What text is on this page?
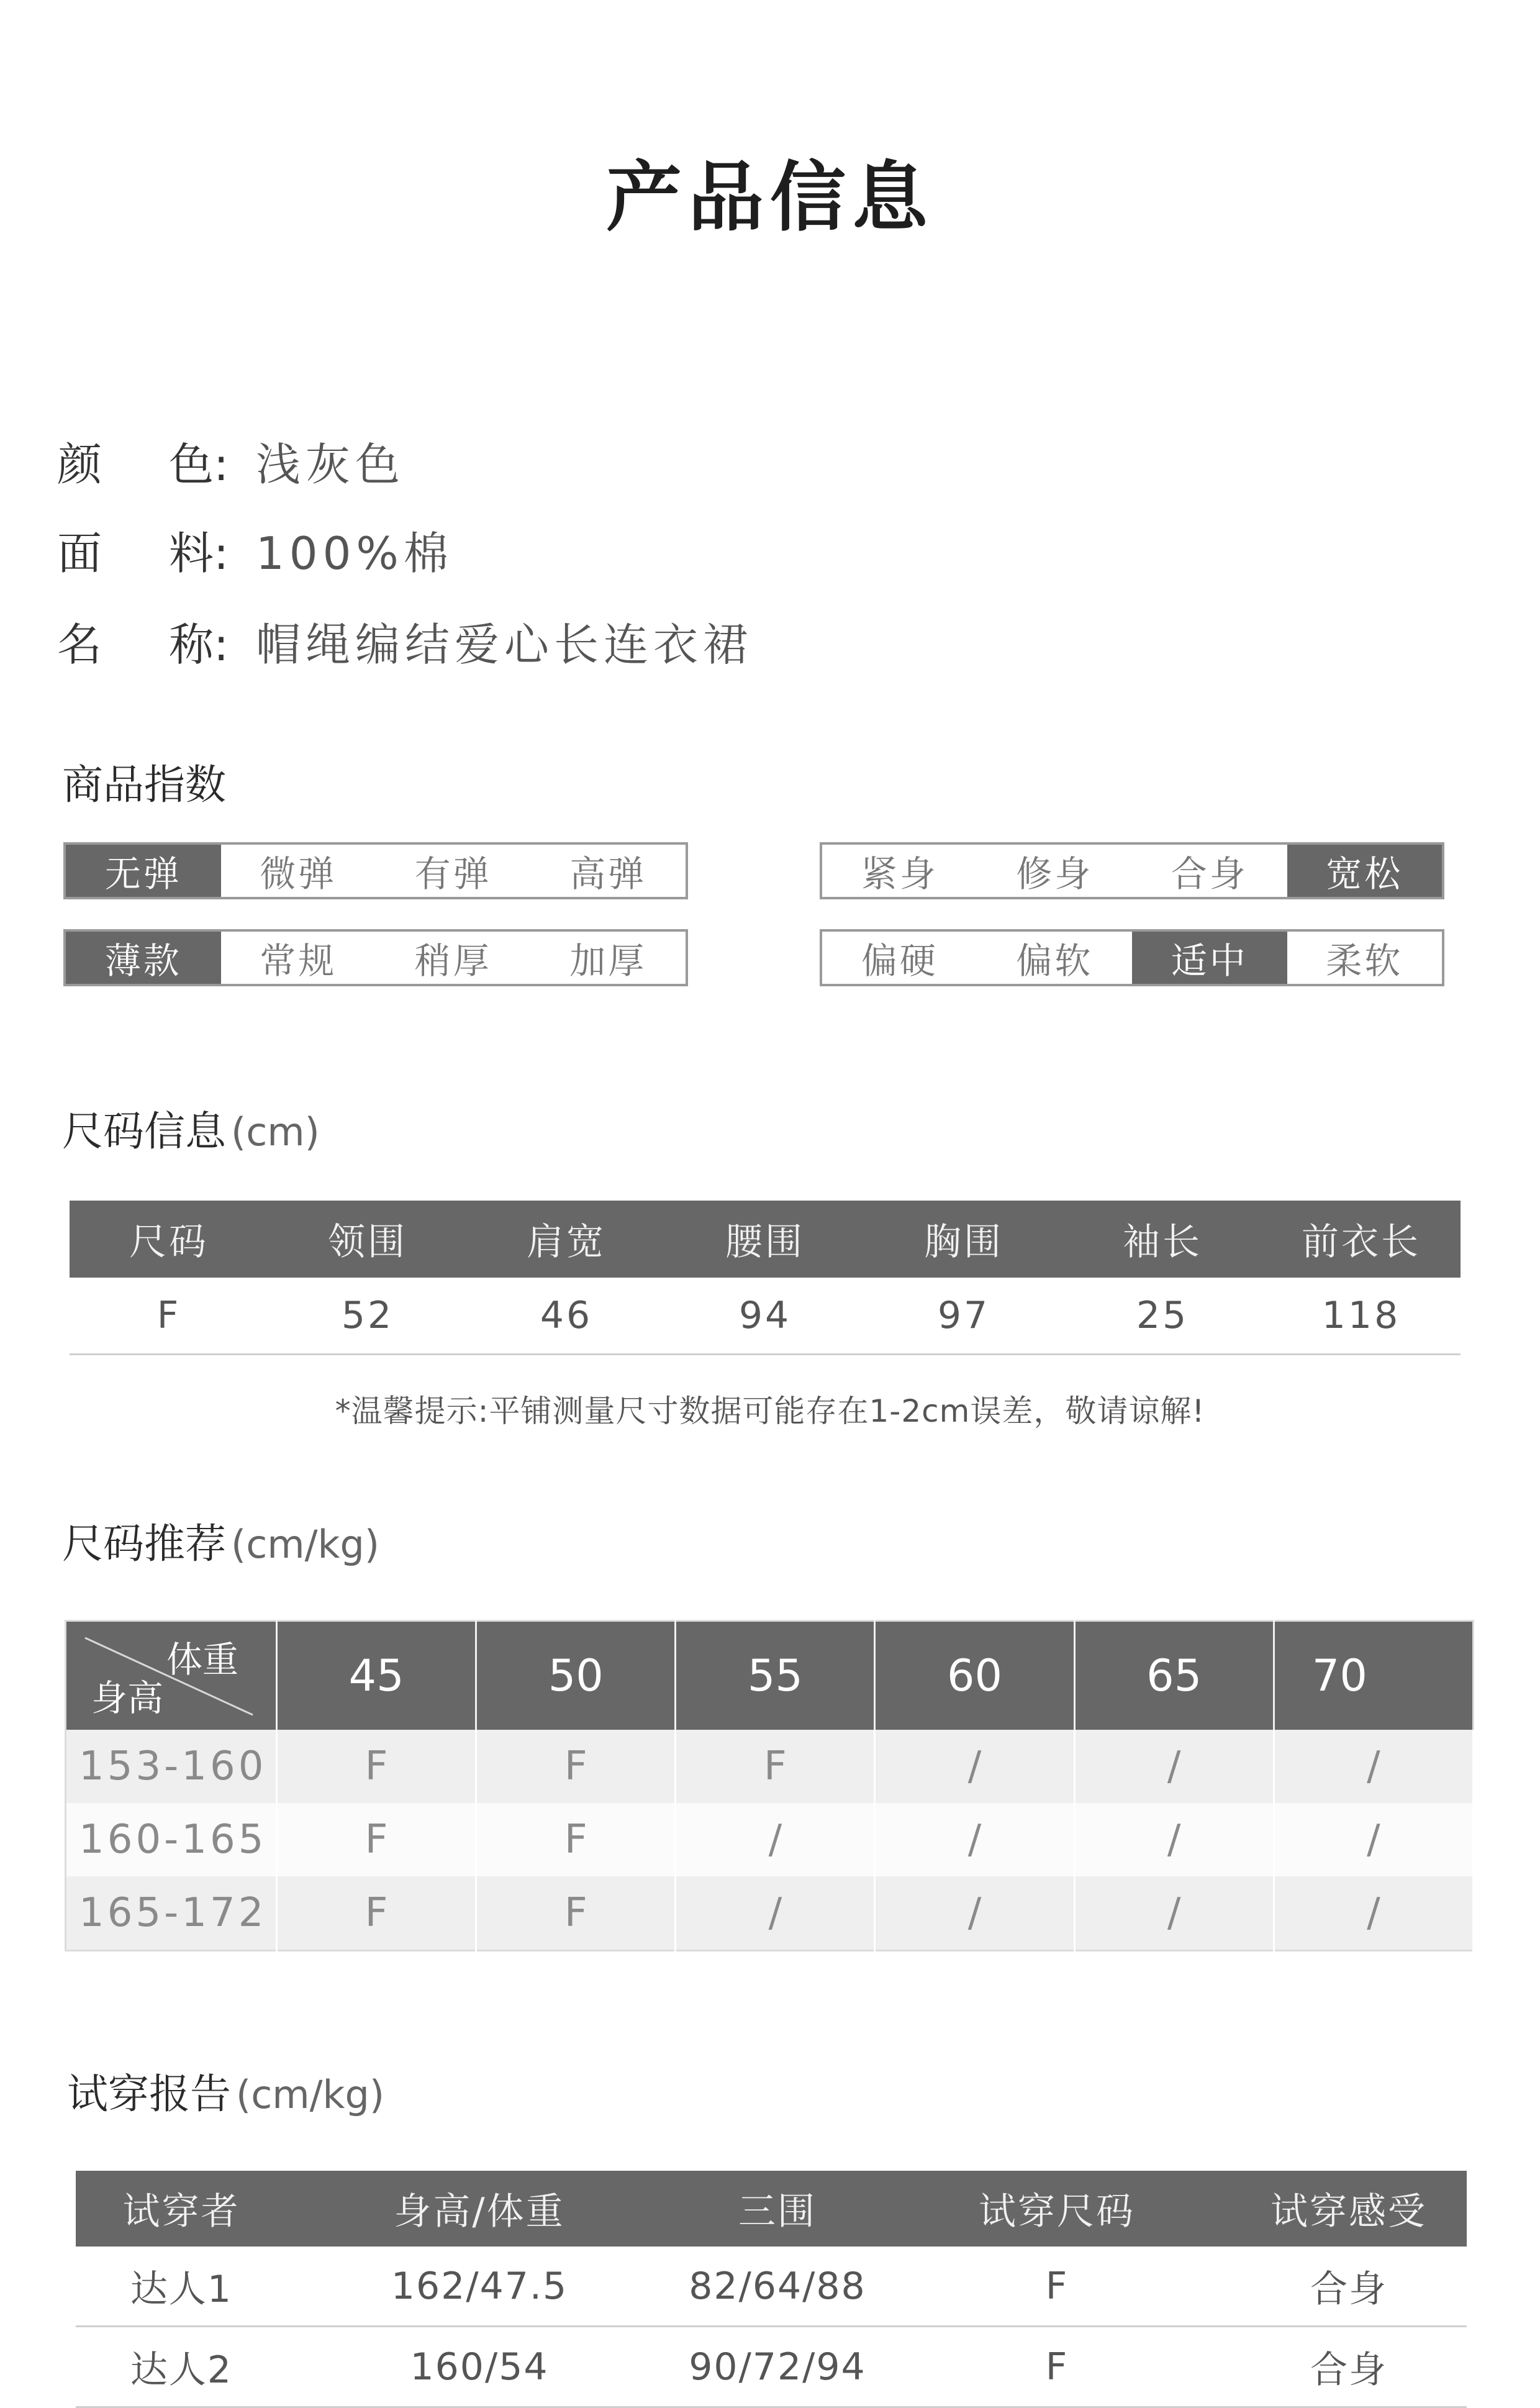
产品信息
颜 色: 浅灰色
面 料: 100%棉
名 称: 帽绳编结爱心长连衣裙
商品指数
无弹	微弹	有弹	高弹	紧身	修身	合身	宽松
薄款	常规	稍厚	加厚	偏硬	偏软	适中	柔软
尺码信息 (cm)
尺码	领围	肩宽	腰围	胸围	袖长	前衣长
F	52	46	94	97	25	118
*温馨提示:平铺测量尺寸数据可能存在1-2cm误差，敬请谅解!
尺码推荐 (cm/kg)
体重
身高	45	50	55	60	65	70
153-160	F	F	F	/	/	/
160-165	F	F	/	/	/	/
165-172	F	F	/	/	/	/
试穿报告 (cm/kg)
试穿者	身高/体重	三围	试穿尺码	试穿感受
达人1	162/47.5	82/64/88	F	合身
达人2	160/54	90/72/94	F	合身
